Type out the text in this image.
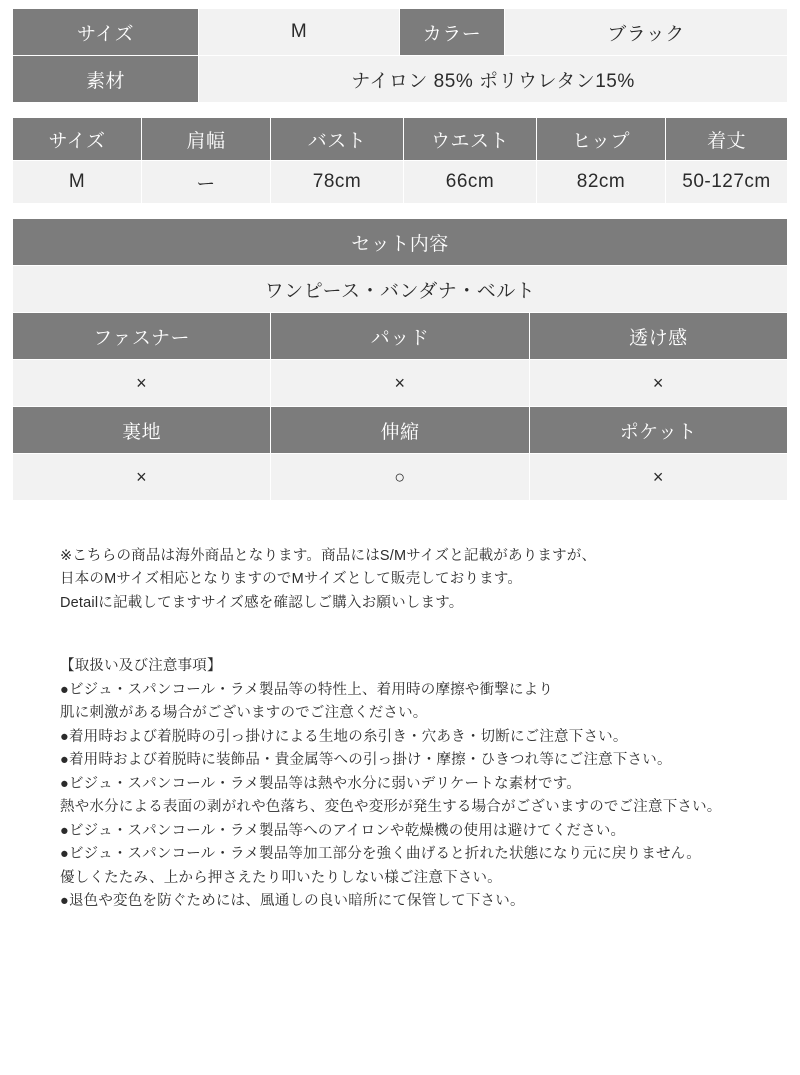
サイズ	M	カラー	ブラック
素材	ナイロン 85% ポリウレタン15%		
サイズ	肩幅	バスト	ウエスト	ヒップ	着丈
M	ー	78cm	66cm	82cm	50-127cm
セット内容		
ワンピース・バンダナ・ベルト		
ファスナー	パッド	透け感
×	×	×
裏地	伸縮	ポケット
×	○	×

※こちらの商品は海外商品となります。商品にはS/Mサイズと記載がありますが、

日本のMサイズ相応となりますのでMサイズとして販売しております。

Detailに記載してますサイズ感を確認しご購入お願いします。

【取扱い及び注意事項】

●ビジュ・スパンコール・ラメ製品等の特性上、着用時の摩擦や衝撃により

肌に刺激がある場合がございますのでご注意ください。

●着用時および着脱時の引っ掛けによる生地の糸引き・穴あき・切断にご注意下さい。

●着用時および着脱時に装飾品・貴金属等への引っ掛け・摩擦・ひきつれ等にご注意下さい。

●ビジュ・スパンコール・ラメ製品等は熱や水分に弱いデリケートな素材です。

熱や水分による表面の剥がれや色落ち、変色や変形が発生する場合がございますのでご注意下さい。

●ビジュ・スパンコール・ラメ製品等へのアイロンや乾燥機の使用は避けてください。

●ビジュ・スパンコール・ラメ製品等加工部分を強く曲げると折れた状態になり元に戻りません。

優しくたたみ、上から押さえたり叩いたりしない様ご注意下さい。

●退色や変色を防ぐためには、風通しの良い暗所にて保管して下さい。
